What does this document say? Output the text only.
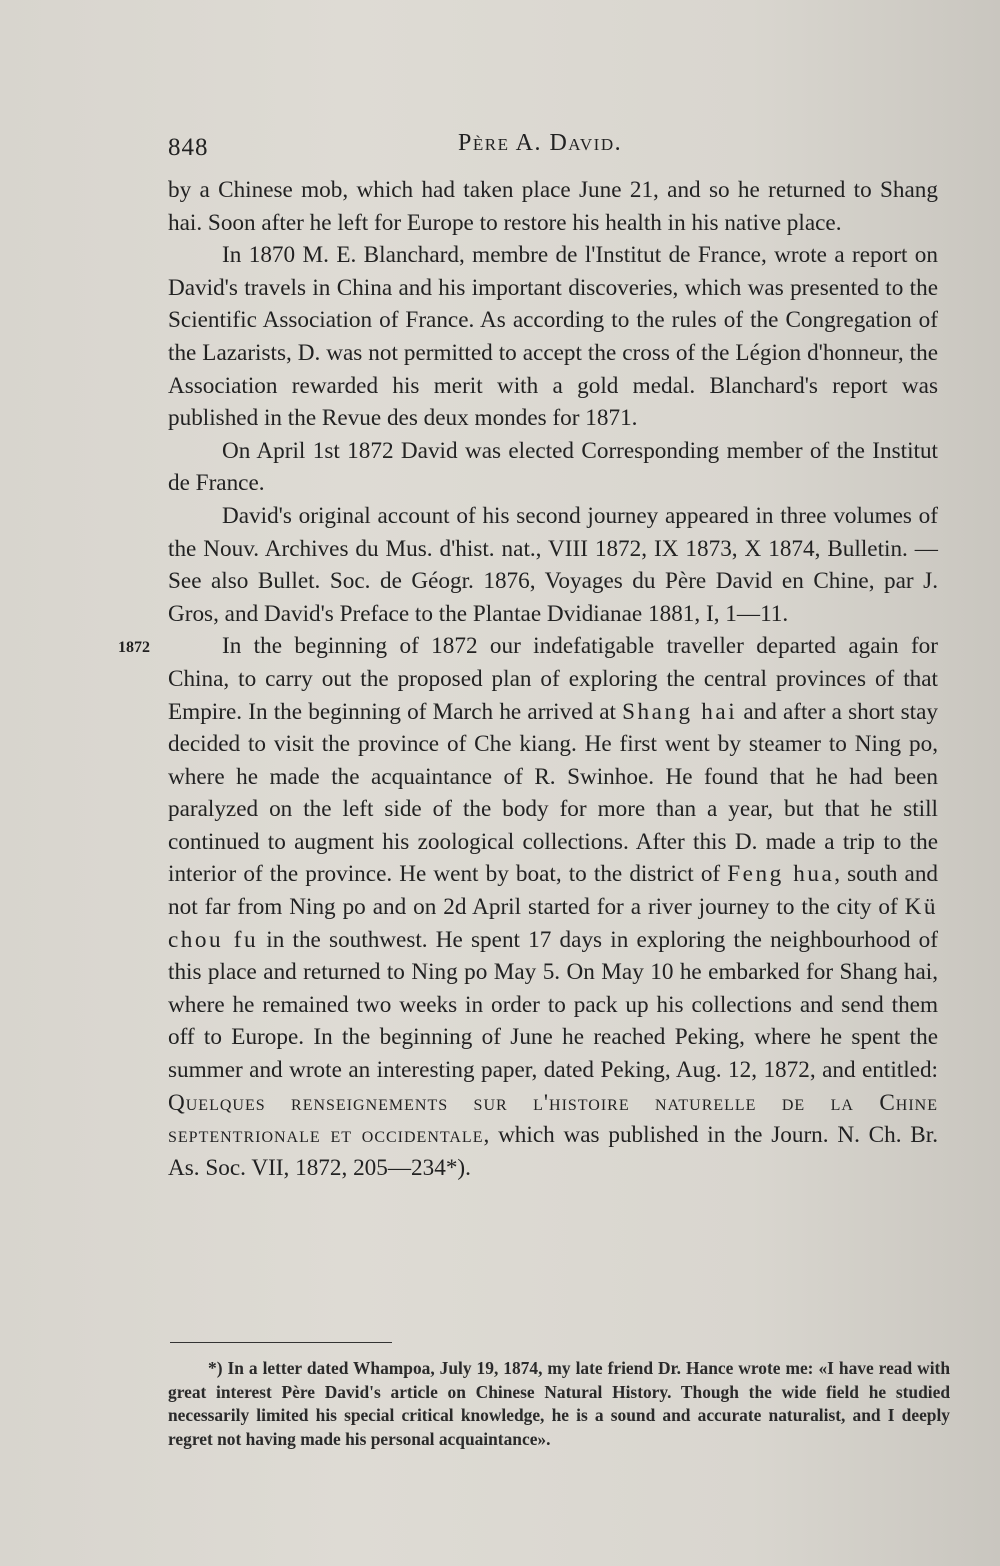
848	Père A. David.

by a Chinese mob, which had taken place June 21, and so he returned to Shang hai. Soon after he left for Europe to restore his health in his native place.

In 1870 M. E. Blanchard, membre de l'Institut de France, wrote a report on David's travels in China and his important discoveries, which was presented to the Scientific Association of France. As according to the rules of the Congregation of the Lazarists, D. was not permitted to accept the cross of the Légion d'honneur, the Association rewarded his merit with a gold medal. Blanchard's report was published in the Revue des deux mondes for 1871.

On April 1st 1872 David was elected Corresponding member of the Institut de France.

David's original account of his second journey appeared in three volumes of the Nouv. Archives du Mus. d'hist. nat., VIII 1872, IX 1873, X 1874, Bulletin. — See also Bullet. Soc. de Géogr. 1876, Voyages du Père David en Chine, par J. Gros, and David's Preface to the Plantae Dvidianae 1881, I, 1—11.

1872	In the beginning of 1872 our indefatigable traveller departed again for China, to carry out the proposed plan of exploring the central provinces of that Empire. In the beginning of March he arrived at Shang hai and after a short stay decided to visit the province of Che kiang. He first went by steamer to Ning po, where he made the acquaintance of R. Swinhoe. He found that he had been paralyzed on the left side of the body for more than a year, but that he still continued to augment his zoological collections. After this D. made a trip to the interior of the province. He went by boat, to the district of Feng hua, south and not far from Ning po and on 2d April started for a river journey to the city of Kü chou fu in the southwest. He spent 17 days in exploring the neighbourhood of this place and returned to Ning po May 5. On May 10 he embarked for Shang hai, where he remained two weeks in order to pack up his collections and send them off to Europe. In the beginning of June he reached Peking, where he spent the summer and wrote an interesting paper, dated Peking, Aug. 12, 1872, and entitled: Quelques renseignements sur l'histoire naturelle de la Chine septentrionale et occidentale, which was published in the Journ. N. Ch. Br. As. Soc. VII, 1872, 205—234*).

*) In a letter dated Whampoa, July 19, 1874, my late friend Dr. Hance wrote me: «I have read with great interest Père David's article on Chinese Natural History. Though the wide field he studied necessarily limited his special critical knowledge, he is a sound and accurate naturalist, and I deeply regret not having made his personal acquaintance».
